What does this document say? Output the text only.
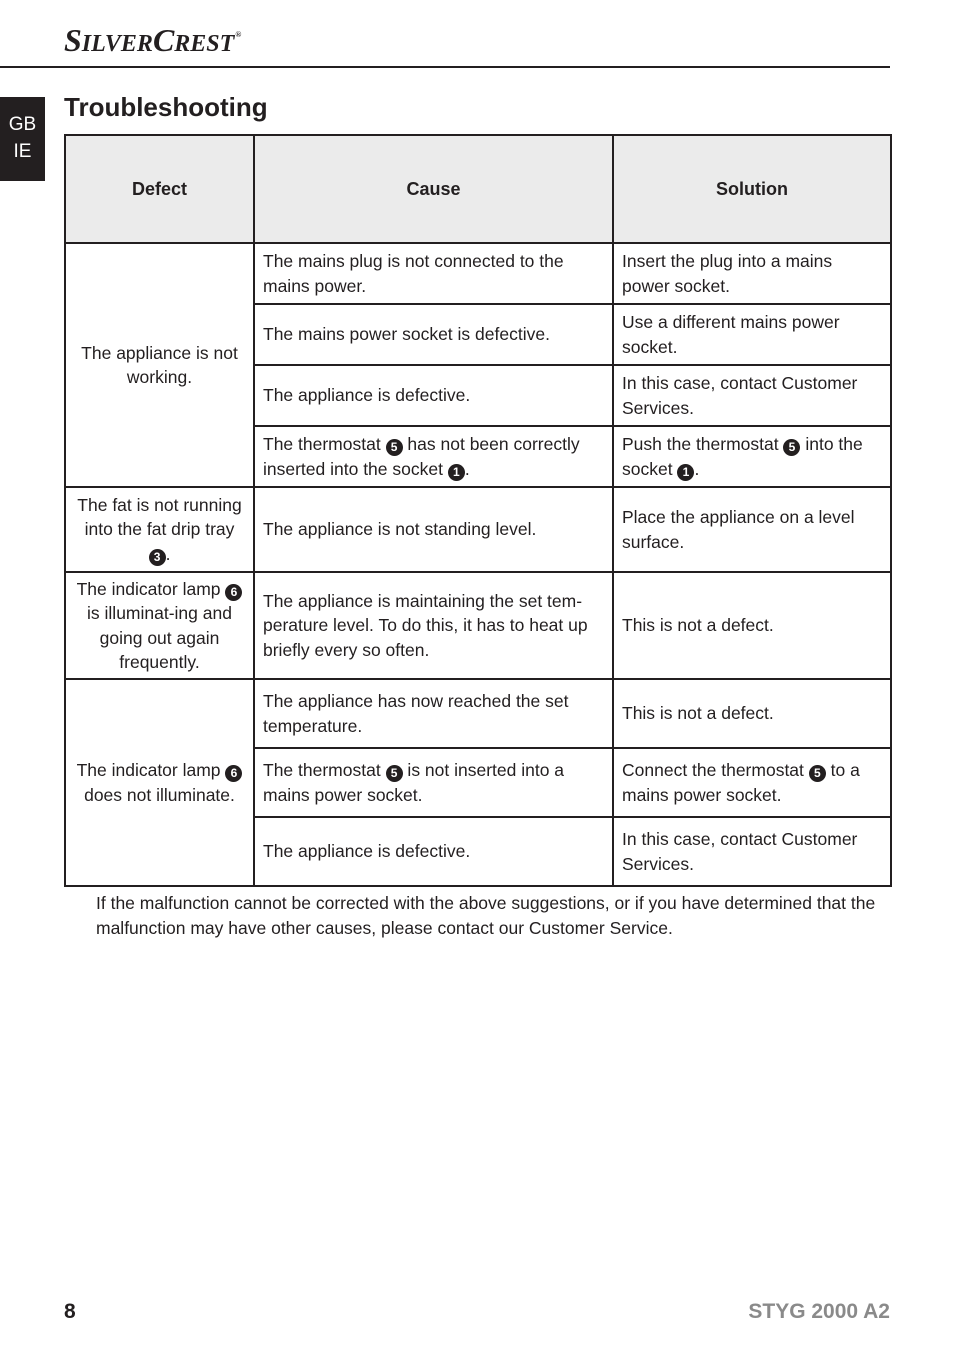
SILVERCREST®
GB
IE
Troubleshooting
Defect	Cause	Solution
The appliance is not working.	The mains plug is not connected to the mains power.	Insert the plug into a mains power socket.
	The mains power socket is defective.	Use a different mains power socket.
	The appliance is defective.	In this case, contact Customer Services.
	The thermostat 5 has not been correctly inserted into the socket 1 .	Push the thermostat 5 into the socket 1 .
The fat is not running into the fat drip tray 3 .	The appliance is not standing level.	Place the appliance on a level surface.
The indicator lamp 6 is illuminat-ing and going out again frequently.	The appliance is maintaining the set tem-perature level. To do this, it has to heat up briefly every so often.	This is not a defect.
The indicator lamp 6 does not illuminate.	The appliance has now reached the set temperature.	This is not a defect.
	The thermostat 5 is not inserted into a mains power socket.	Connect the thermostat 5 to a mains power socket.
	The appliance is defective.	In this case, contact Customer Services.

If the malfunction cannot be corrected with the above suggestions, or if you have determined that the malfunction may have other causes, please contact our Customer Service.

8	STYG 2000 A2
